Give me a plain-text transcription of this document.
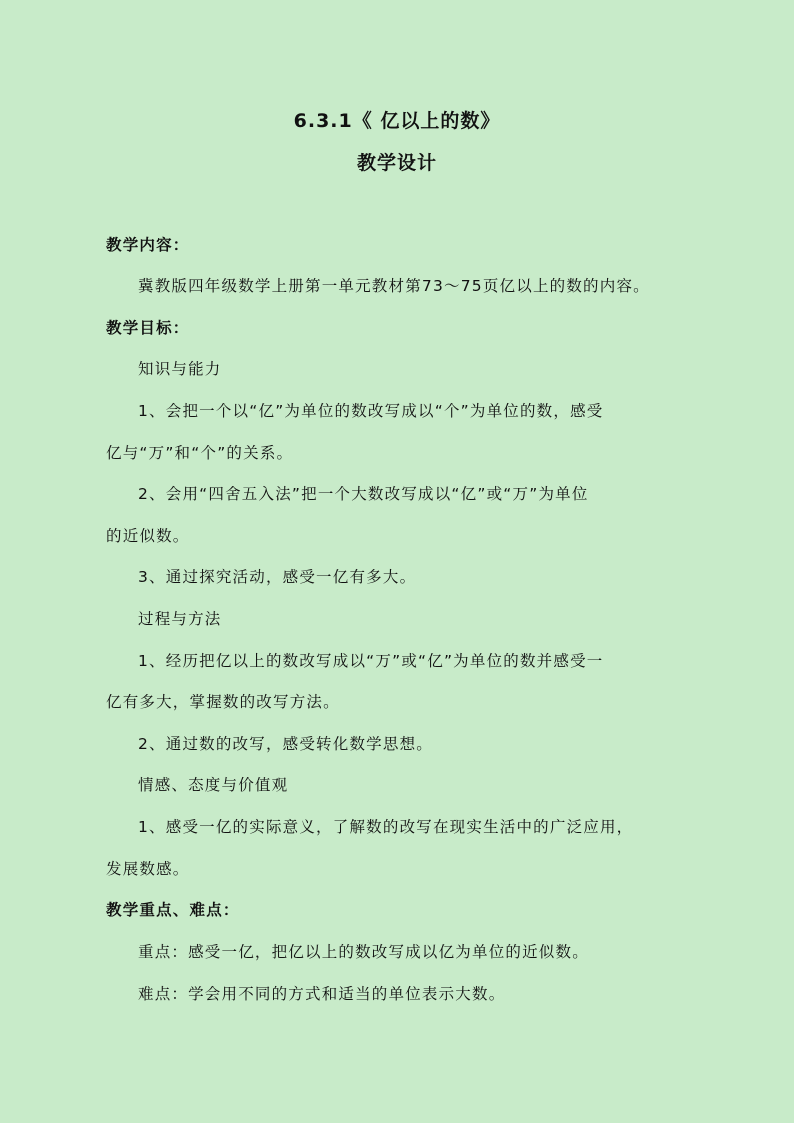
6.3.1《 亿以上的数》
教学设计
教学内容：
冀教版四年级数学上册第一单元教材第73～75页亿以上的数的内容。
教学目标：
知识与能力
1、会把一个以“亿”为单位的数改写成以“个”为单位的数，感受
亿与“万”和“个”的关系。
2、会用“四舍五入法”把一个大数改写成以“亿”或“万”为单位
的近似数。
3、通过探究活动，感受一亿有多大。
过程与方法
1、经历把亿以上的数改写成以“万”或“亿”为单位的数并感受一
亿有多大，掌握数的改写方法。
2、通过数的改写，感受转化数学思想。
情感、态度与价值观
1、感受一亿的实际意义，了解数的改写在现实生活中的广泛应用，
发展数感。
教学重点、难点：
重点：感受一亿，把亿以上的数改写成以亿为单位的近似数。
难点：学会用不同的方式和适当的单位表示大数。
